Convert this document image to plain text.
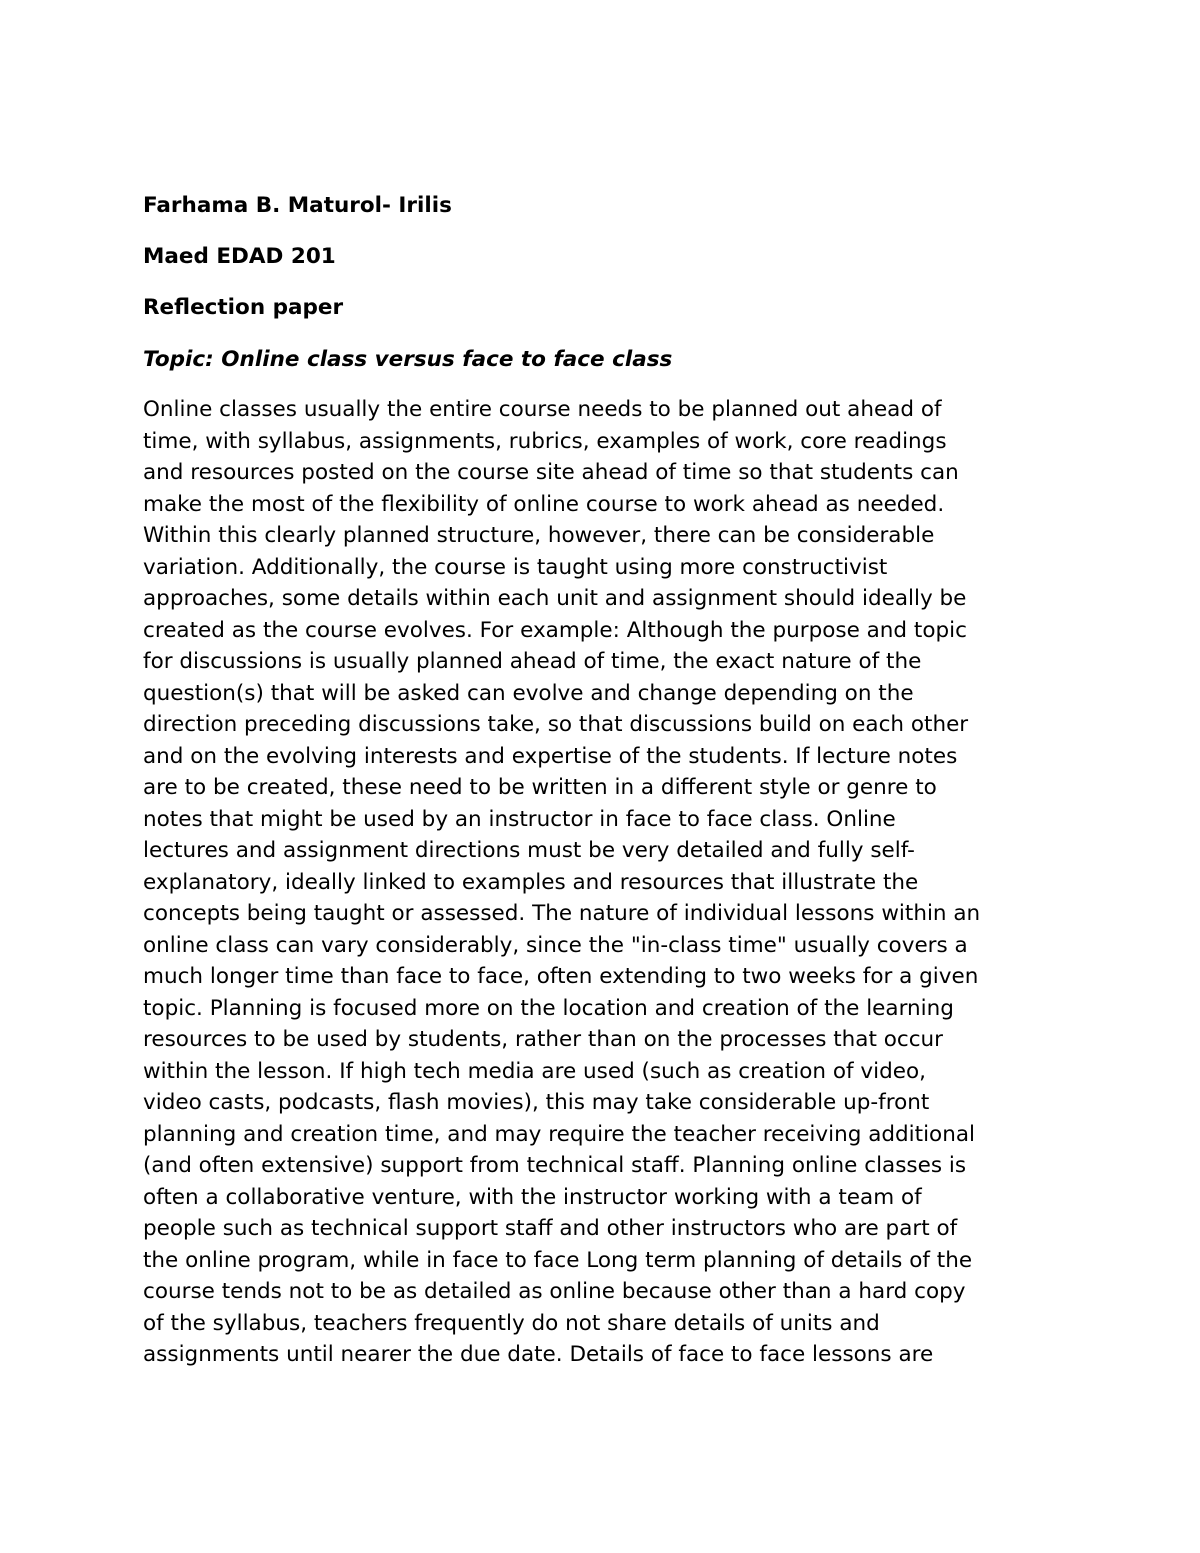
Farhama B. Maturol- Irilis
Maed EDAD 201
Reflection paper
Topic: Online class versus face to face class
Online classes usually the entire course needs to be planned out ahead of
time, with syllabus, assignments, rubrics, examples of work, core readings
and resources posted on the course site ahead of time so that students can
make the most of the flexibility of online course to work ahead as needed.
Within this clearly planned structure, however, there can be considerable
variation. Additionally, the course is taught using more constructivist
approaches, some details within each unit and assignment should ideally be
created as the course evolves. For example: Although the purpose and topic
for discussions is usually planned ahead of time, the exact nature of the
question(s) that will be asked can evolve and change depending on the
direction preceding discussions take, so that discussions build on each other
and on the evolving interests and expertise of the students. If lecture notes
are to be created, these need to be written in a different style or genre to
notes that might be used by an instructor in face to face class. Online
lectures and assignment directions must be very detailed and fully self-
explanatory, ideally linked to examples and resources that illustrate the
concepts being taught or assessed. The nature of individual lessons within an
online class can vary considerably, since the "in-class time" usually covers a
much longer time than face to face, often extending to two weeks for a given
topic. Planning is focused more on the location and creation of the learning
resources to be used by students, rather than on the processes that occur
within the lesson. If high tech media are used (such as creation of video,
video casts, podcasts, flash movies), this may take considerable up-front
planning and creation time, and may require the teacher receiving additional
(and often extensive) support from technical staff. Planning online classes is
often a collaborative venture, with the instructor working with a team of
people such as technical support staff and other instructors who are part of
the online program, while in face to face Long term planning of details of the
course tends not to be as detailed as online because other than a hard copy
of the syllabus, teachers frequently do not share details of units and
assignments until nearer the due date. Details of face to face lessons are
